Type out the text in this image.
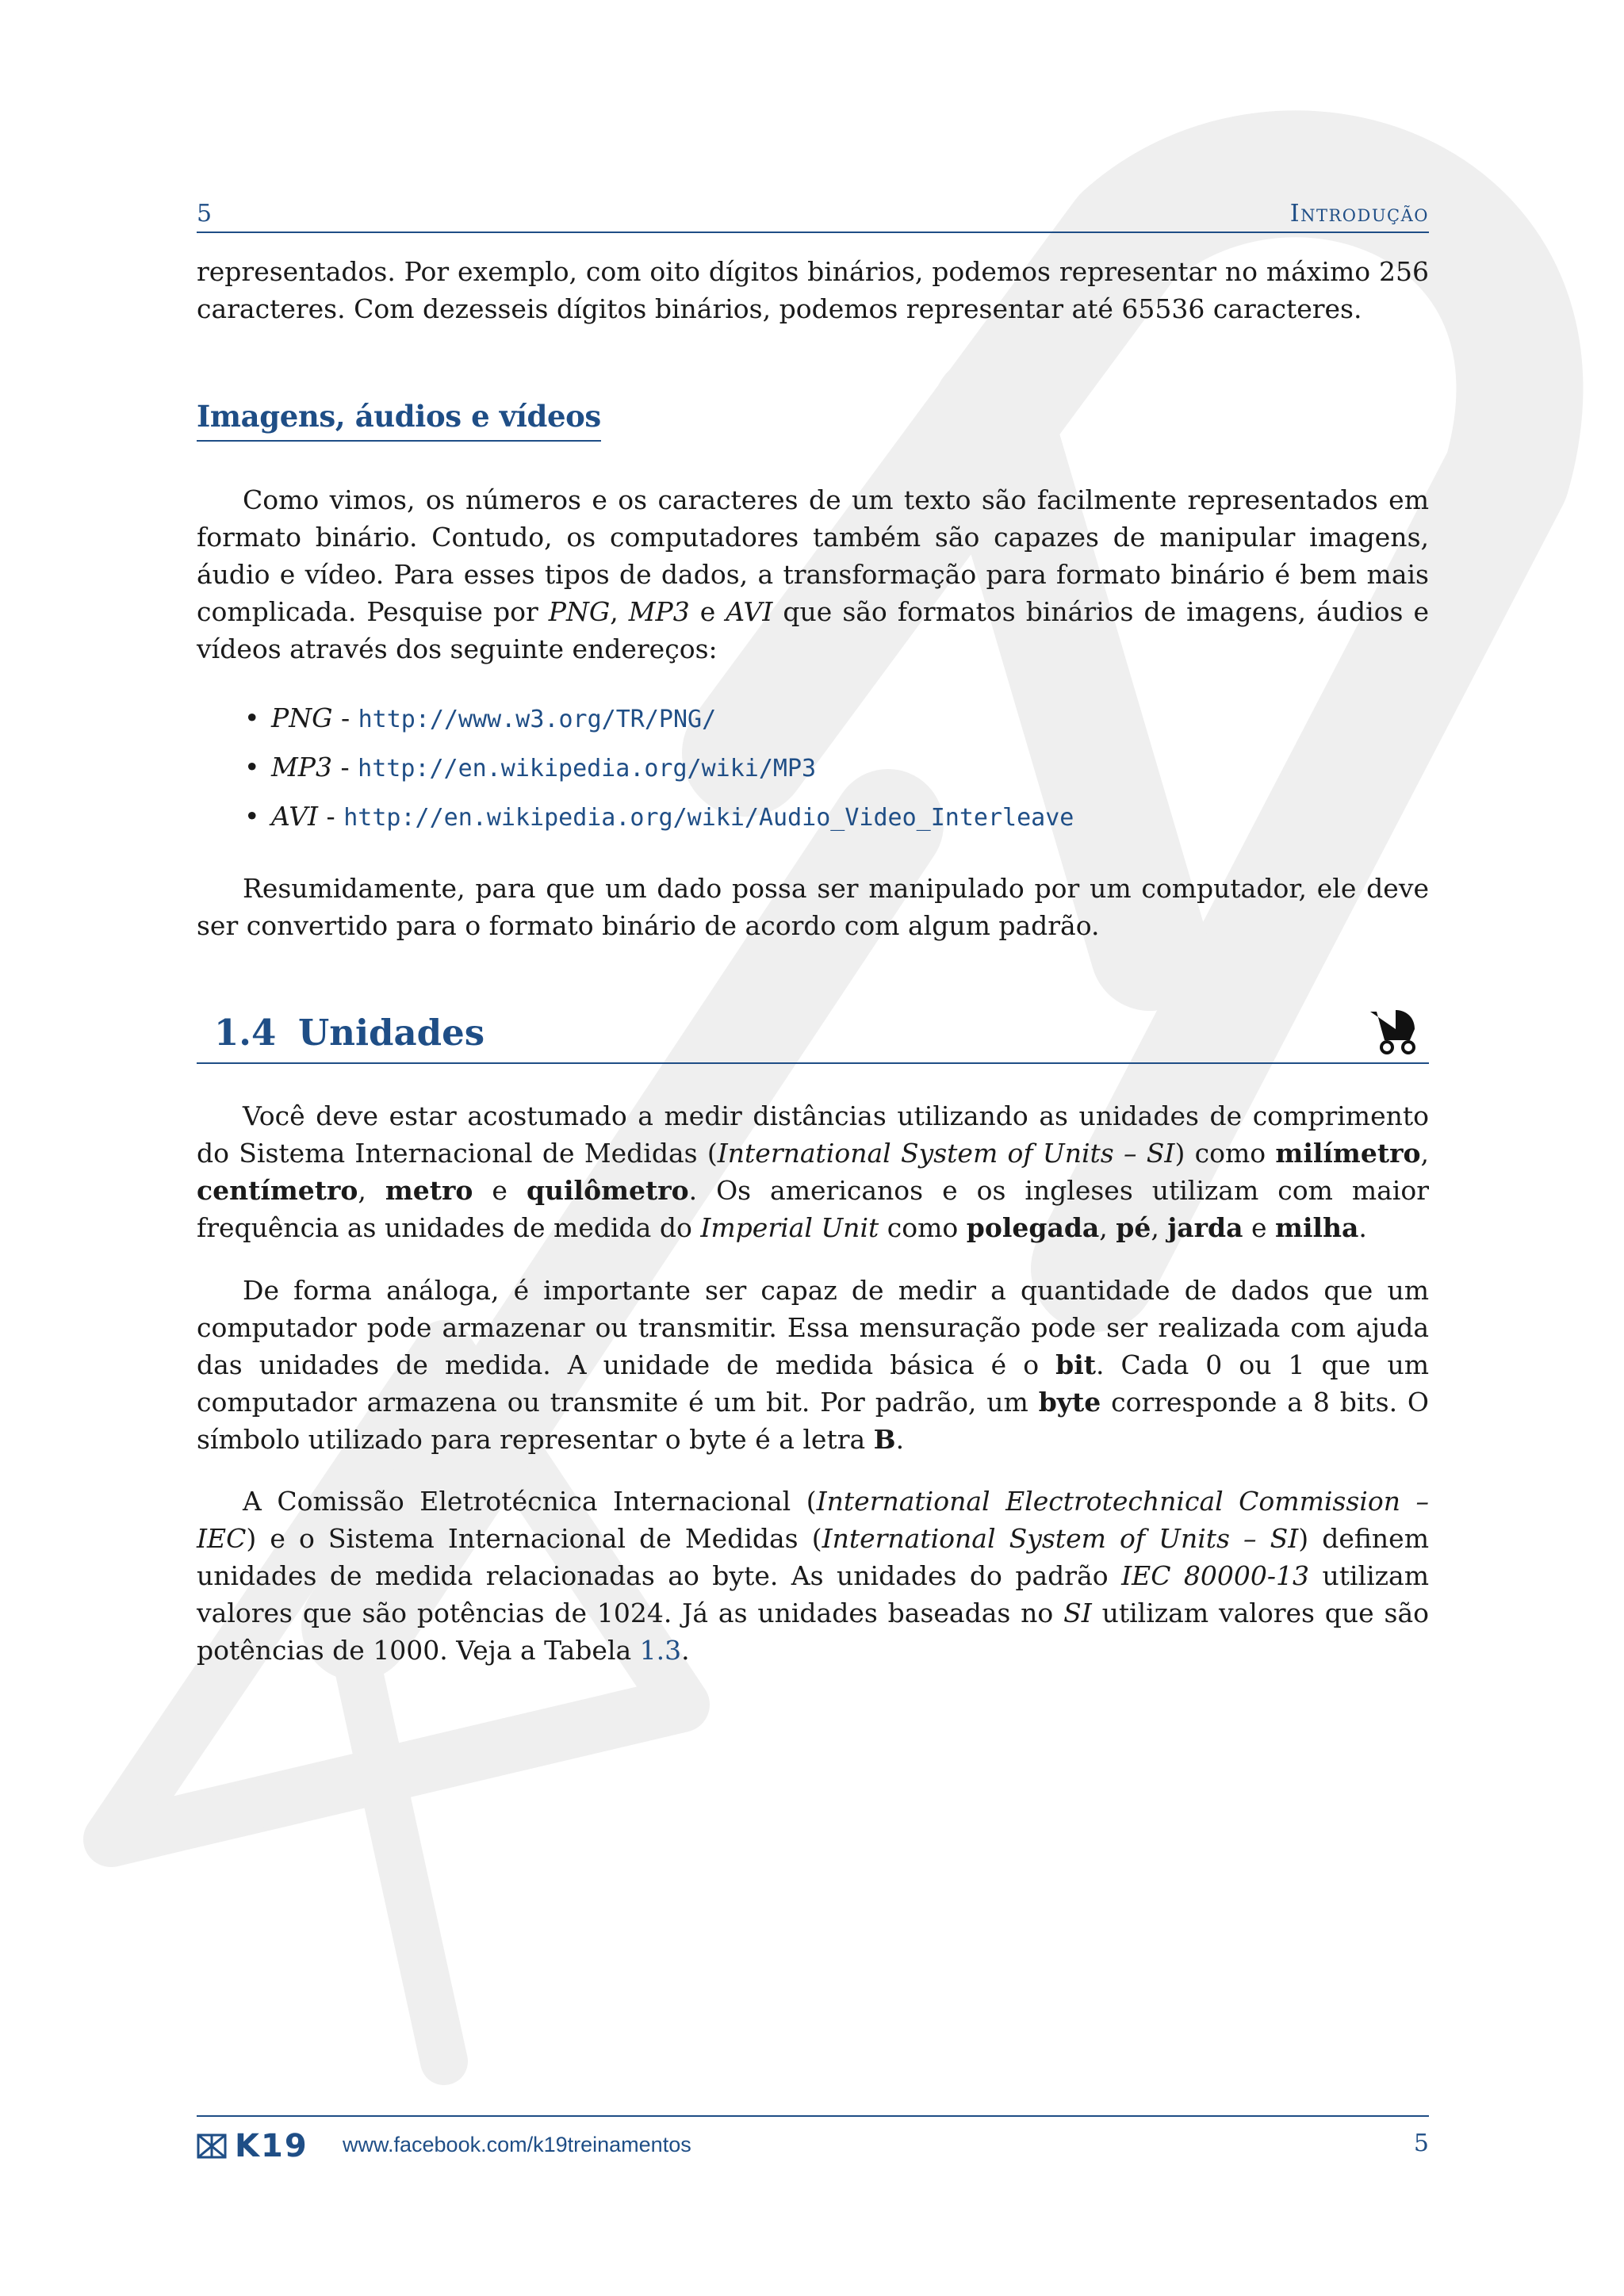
5	Introdução

representados. Por exemplo, com oito dígitos binários, podemos representar no máximo 256 caracteres. Com dezesseis dígitos binários, podemos representar até 65536 caracteres.

Imagens, áudios e vídeos

Como vimos, os números e os caracteres de um texto são facilmente representados em formato binário. Contudo, os computadores também são capazes de manipular imagens, áudio e vídeo. Para esses tipos de dados, a transformação para formato binário é bem mais complicada. Pesquise por PNG, MP3 e AVI que são formatos binários de imagens, áudios e vídeos através dos seguinte endereços:

• PNG - http://www.w3.org/TR/PNG/
• MP3 - http://en.wikipedia.org/wiki/MP3
• AVI - http://en.wikipedia.org/wiki/Audio_Video_Interleave

Resumidamente, para que um dado possa ser manipulado por um computador, ele deve ser convertido para o formato binário de acordo com algum padrão.

1.4 Unidades

Você deve estar acostumado a medir distâncias utilizando as unidades de comprimento do Sistema Internacional de Medidas (International System of Units – SI) como milímetro, centímetro, metro e quilômetro. Os americanos e os ingleses utilizam com maior frequência as unidades de medida do Imperial Unit como polegada, pé, jarda e milha.

De forma análoga, é importante ser capaz de medir a quantidade de dados que um computador pode armazenar ou transmitir. Essa mensuração pode ser realizada com ajuda das unidades de medida. A unidade de medida básica é o bit. Cada 0 ou 1 que um computador armazena ou transmite é um bit. Por padrão, um byte corresponde a 8 bits. O símbolo utilizado para representar o byte é a letra B.

A Comissão Eletrotécnica Internacional (International Electrotechnical Commission – IEC) e o Sistema Internacional de Medidas (International System of Units – SI) definem unidades de medida relacionadas ao byte. As unidades do padrão IEC 80000-13 utilizam valores que são potências de 1024. Já as unidades baseadas no SI utilizam valores que são potências de 1000. Veja a Tabela 1.3.

K19 www.facebook.com/k19treinamentos	5
